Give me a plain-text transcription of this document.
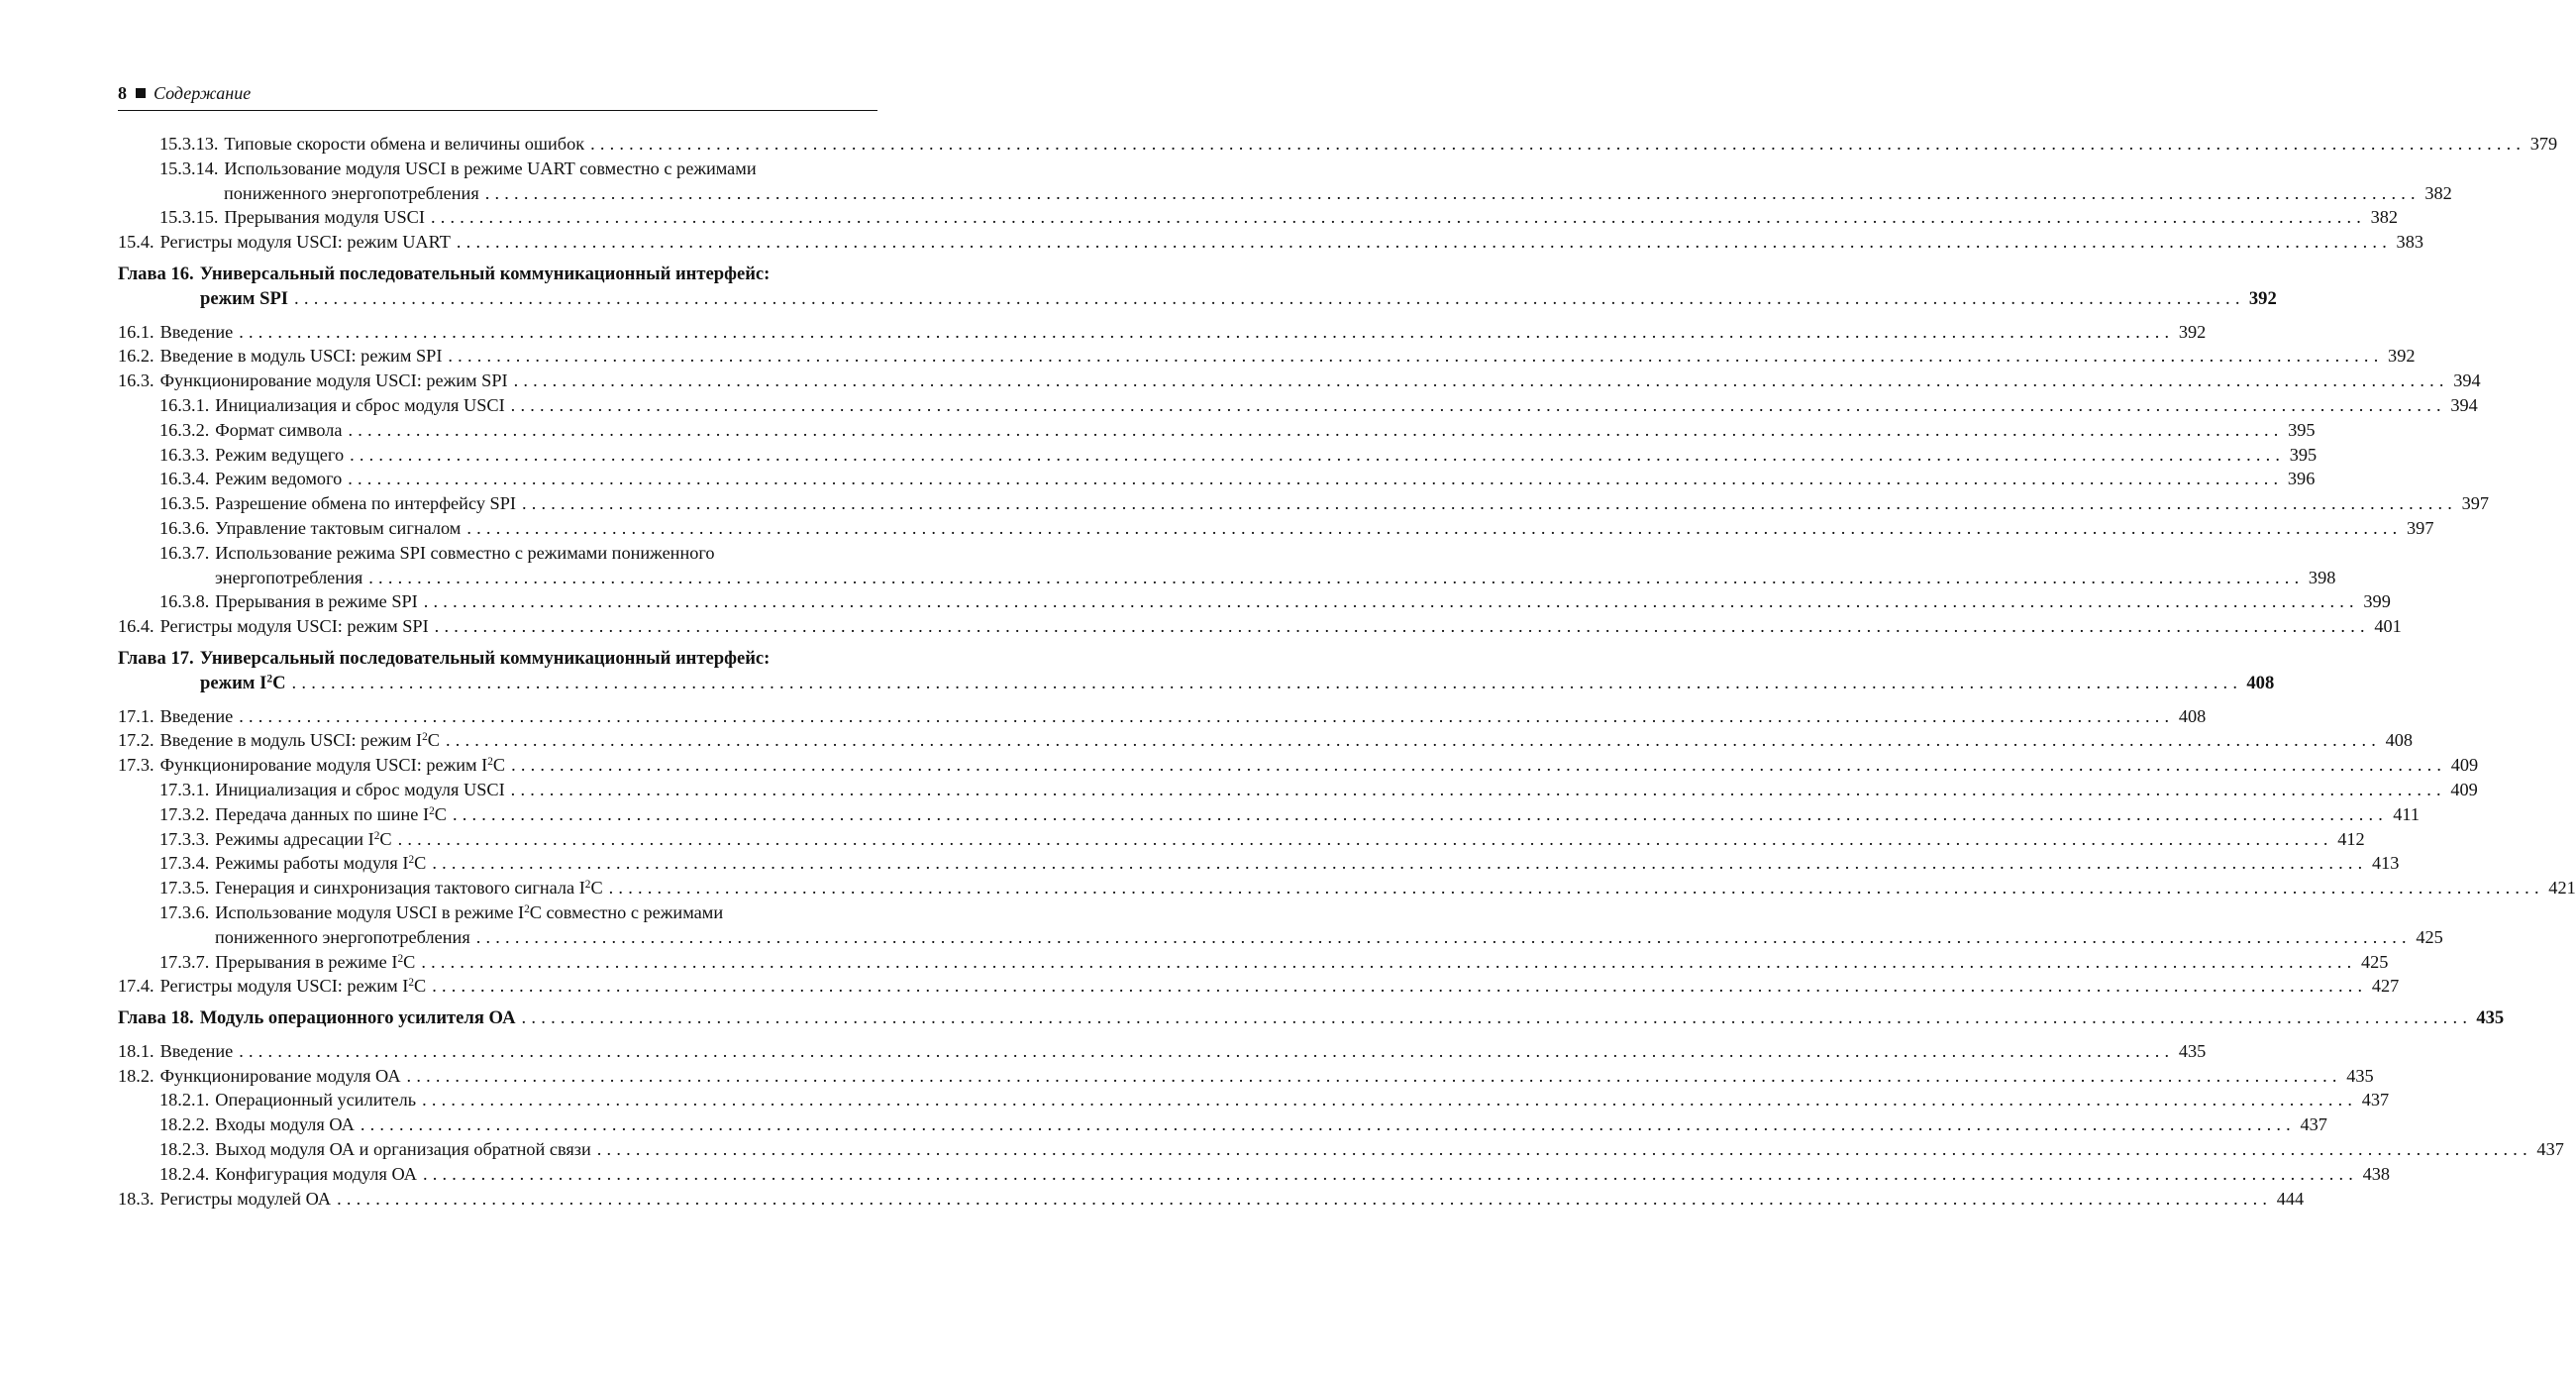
8 Содержание
15.3.13. Типовые скорости обмена и величины ошибок ........................................................................................................................................................................................................ 379
15.3.14. Использование модуля USCI в режиме UART совместно с режимами
пониженного энергопотребления ........................................................................................................................................................................................................ 382
15.3.15. Прерывания модуля USCI ........................................................................................................................................................................................................ 382
15.4. Регистры модуля USCI: режим UART ........................................................................................................................................................................................................ 383
Глава 16. Универсальный последовательный коммуникационный интерфейс:
режим SPI ........................................................................................................................................................................................................ 392
16.1. Введение ........................................................................................................................................................................................................ 392
16.2. Введение в модуль USCI: режим SPI ........................................................................................................................................................................................................ 392
16.3. Функционирование модуля USCI: режим SPI ........................................................................................................................................................................................................ 394
16.3.1. Инициализация и сброс модуля USCI ........................................................................................................................................................................................................ 394
16.3.2. Формат символа ........................................................................................................................................................................................................ 395
16.3.3. Режим ведущего ........................................................................................................................................................................................................ 395
16.3.4. Режим ведомого ........................................................................................................................................................................................................ 396
16.3.5. Разрешение обмена по интерфейсу SPI ........................................................................................................................................................................................................ 397
16.3.6. Управление тактовым сигналом ........................................................................................................................................................................................................ 397
16.3.7. Использование режима SPI совместно с режимами пониженного
энергопотребления ........................................................................................................................................................................................................ 398
16.3.8. Прерывания в режиме SPI ........................................................................................................................................................................................................ 399
16.4. Регистры модуля USCI: режим SPI ........................................................................................................................................................................................................ 401
Глава 17. Универсальный последовательный коммуникационный интерфейс:
режим $I^2C$ ........................................................................................................................................................................................................ 408
17.1. Введение ........................................................................................................................................................................................................ 408
17.2. Введение в модуль USCI: режим $I^2C$ ........................................................................................................................................................................................................ 408
17.3. Функционирование модуля USCI: режим $I^2C$ ........................................................................................................................................................................................................ 409
17.3.1. Инициализация и сброс модуля USCI ........................................................................................................................................................................................................ 409
17.3.2. Передача данных по шине $I^2C$ ........................................................................................................................................................................................................ 411
17.3.3. Режимы адресации $I^2C$ ........................................................................................................................................................................................................ 412
17.3.4. Режимы работы модуля $I^2C$ ........................................................................................................................................................................................................ 413
17.3.5. Генерация и синхронизация тактового сигнала $I^2C$ ........................................................................................................................................................................................................ 421
17.3.6. Использование модуля USCI в режиме $I^2C$ совместно с режимами
пониженного энергопотребления ........................................................................................................................................................................................................ 425
17.3.7. Прерывания в режиме $I^2C$ ........................................................................................................................................................................................................ 425
17.4. Регистры модуля USCI: режим $I^2C$ ........................................................................................................................................................................................................ 427
Глава 18. Модуль операционного усилителя ОА ........................................................................................................................................................................................................ 435
18.1. Введение ........................................................................................................................................................................................................ 435
18.2. Функционирование модуля ОА ........................................................................................................................................................................................................ 435
18.2.1. Операционный усилитель ........................................................................................................................................................................................................ 437
18.2.2. Входы модуля ОА ........................................................................................................................................................................................................ 437
18.2.3. Выход модуля ОА и организация обратной связи ........................................................................................................................................................................................................ 437
18.2.4. Конфигурация модуля ОА ........................................................................................................................................................................................................ 438
18.3. Регистры модулей ОА ........................................................................................................................................................................................................ 444
